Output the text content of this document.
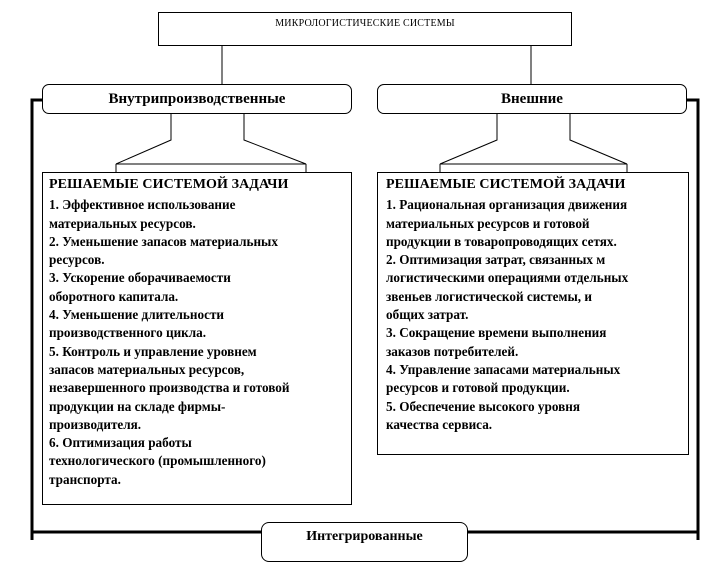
МИКРОЛОГИСТИЧЕСКИЕ СИСТЕМЫ
Внутрипроизводственные	Внешние
РЕШАЕМЫЕ СИСТЕМОЙ ЗАДАЧИ
1. Эффективное использование
материальных ресурсов.
2. Уменьшение запасов материальных
ресурсов.
3. Ускорение оборачиваемости
оборотного капитала.
4. Уменьшение длительности
производственного цикла.
5. Контроль и управление уровнем
запасов материальных ресурсов,
незавершенного производства и готовой
продукции на складе фирмы-
производителя.
6. Оптимизация работы
технологического (промышленного)
транспорта.
РЕШАЕМЫЕ СИСТЕМОЙ ЗАДАЧИ
1. Рациональная организация движения
материальных ресурсов и готовой
продукции в товаропроводящих сетях.
2. Оптимизация затрат, связанных м
логистическими операциями отдельных
звеньев логистической системы, и
общих затрат.
3. Сокращение времени выполнения
заказов потребителей.
4. Управление запасами материальных
ресурсов и готовой продукции.
5. Обеспечение высокого уровня
качества сервиса.
Интегрированные
